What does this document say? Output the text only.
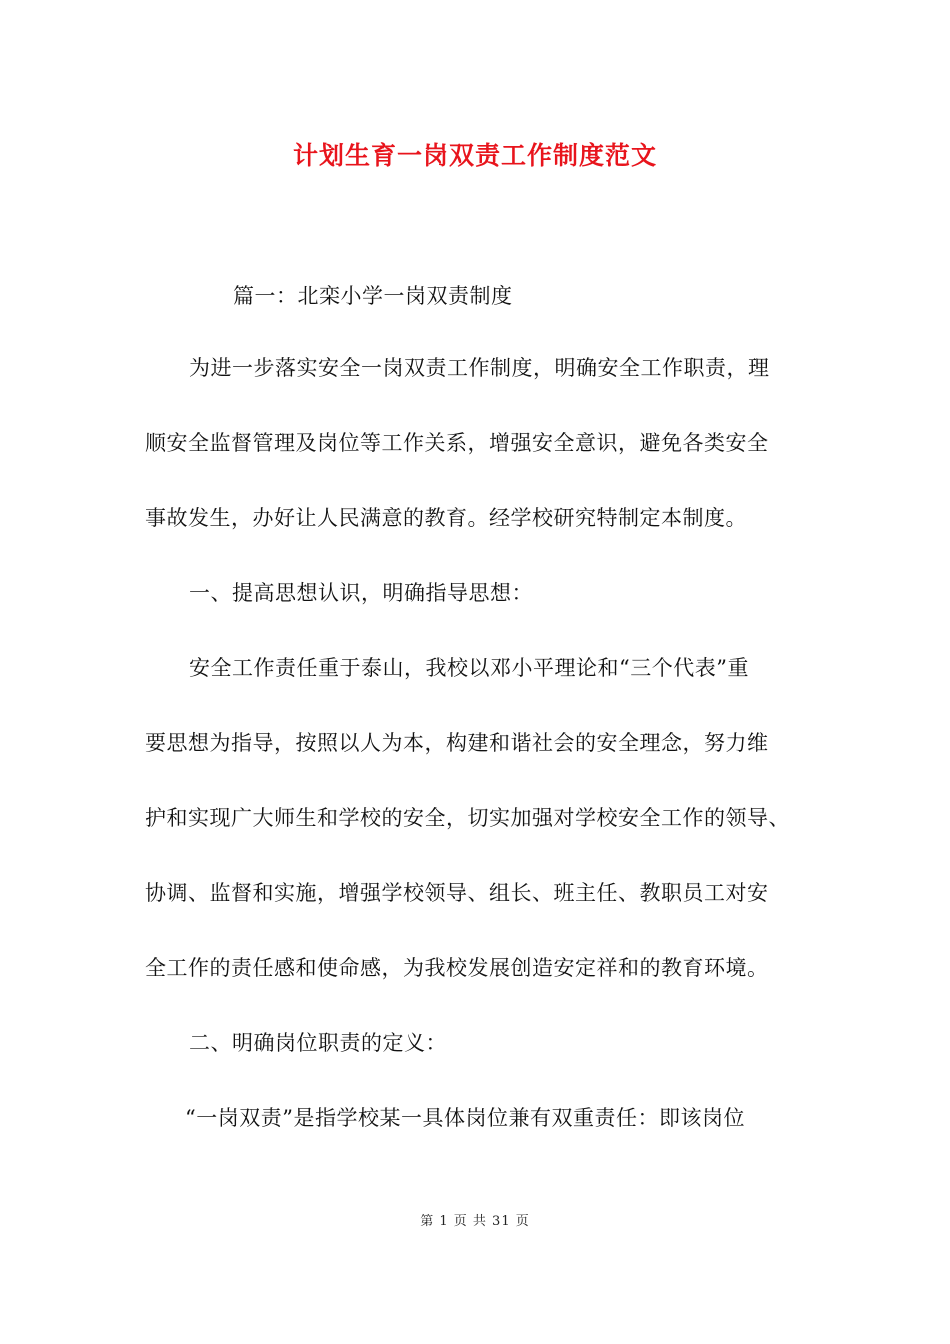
计划生育一岗双责工作制度范文

篇一：北栾小学一岗双责制度

为进一步落实安全一岗双责工作制度，明确安全工作职责，理

顺安全监督管理及岗位等工作关系，增强安全意识，避免各类安全

事故发生，办好让人民满意的教育。经学校研究特制定本制度。

一、提高思想认识，明确指导思想：

安全工作责任重于泰山，我校以邓小平理论和“三个代表”重

要思想为指导，按照以人为本，构建和谐社会的安全理念，努力维

护和实现广大师生和学校的安全，切实加强对学校安全工作的领导、

协调、监督和实施，增强学校领导、组长、班主任、教职员工对安

全工作的责任感和使命感，为我校发展创造安定祥和的教育环境。

二、明确岗位职责的定义：

“一岗双责”是指学校某一具体岗位兼有双重责任：即该岗位

第 1 页 共 31 页
